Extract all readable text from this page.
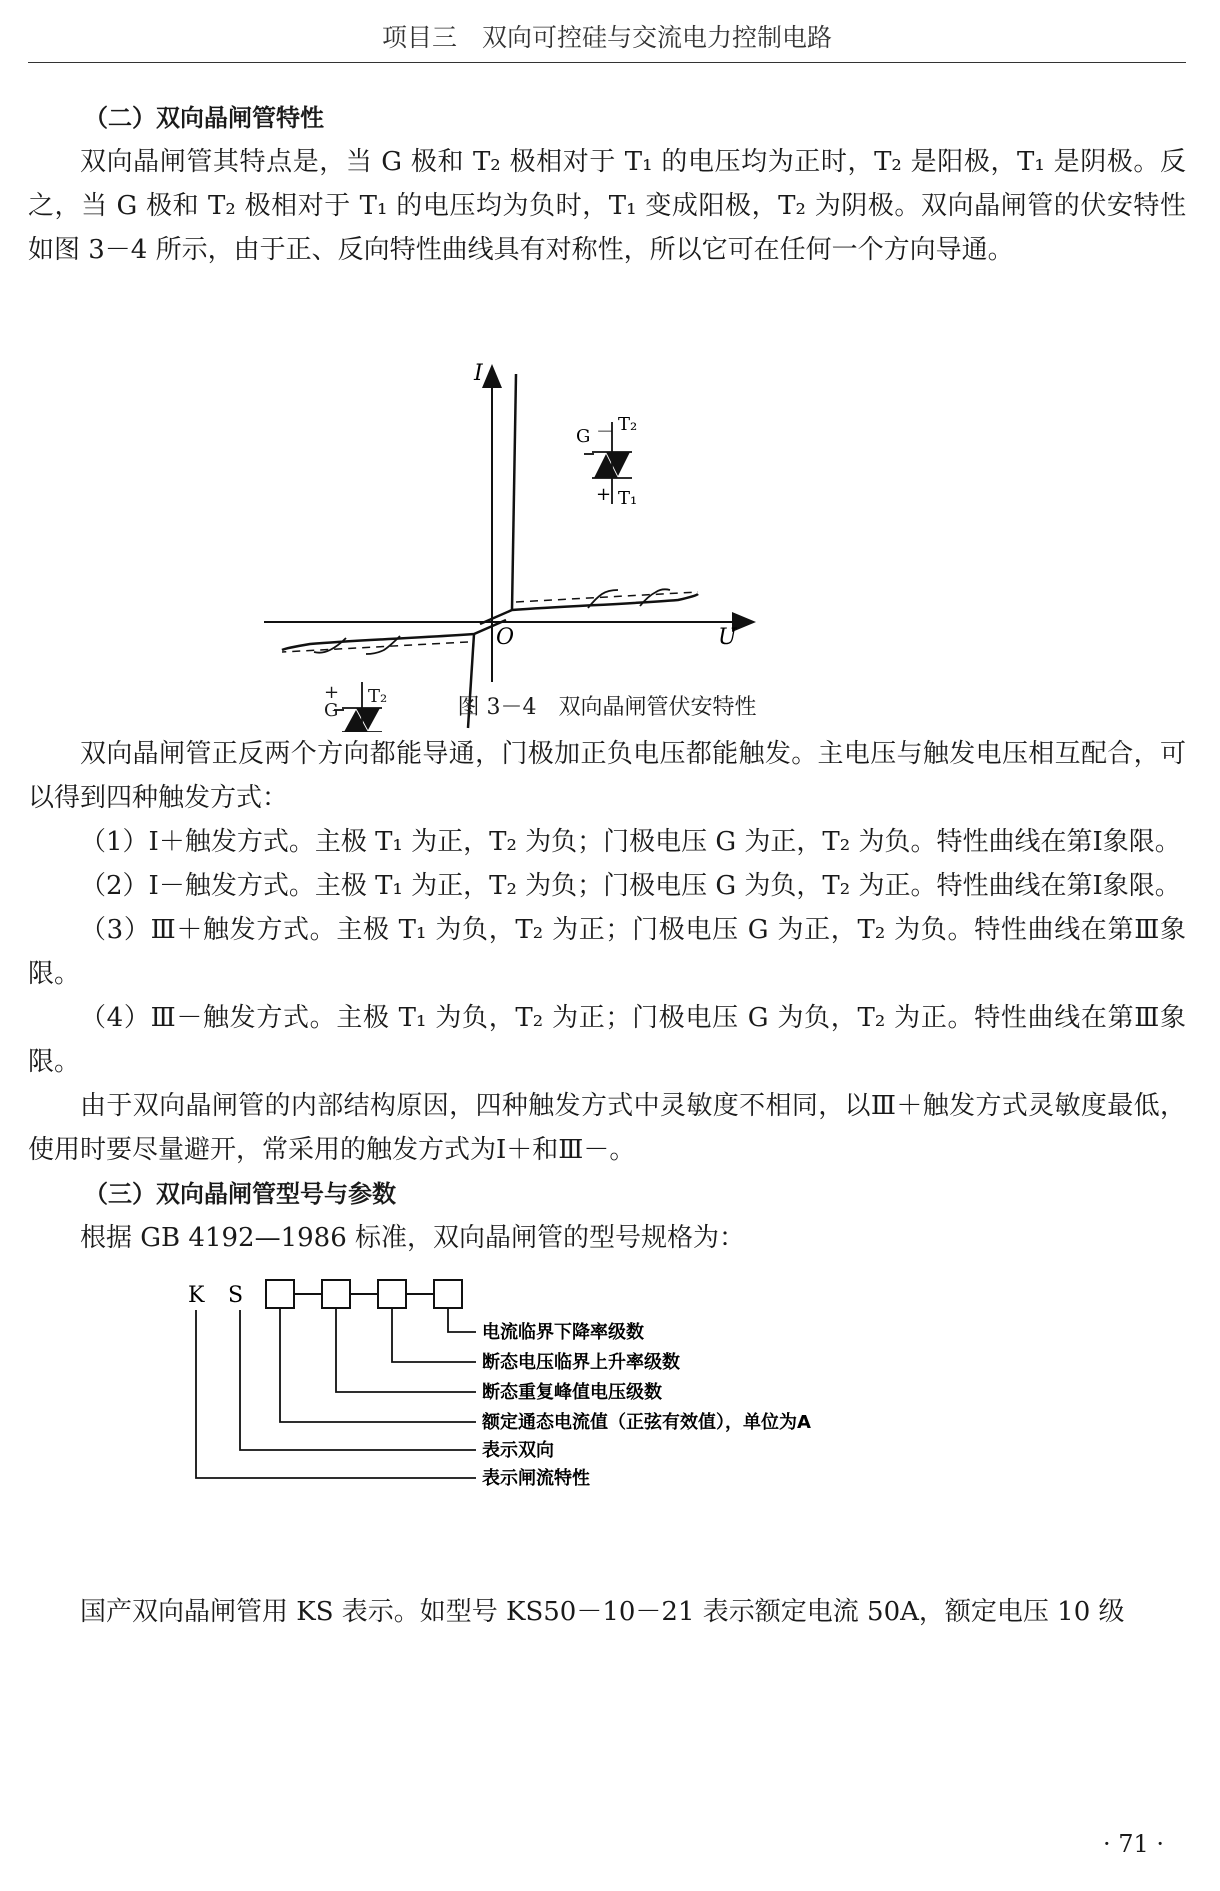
项目三　双向可控硅与交流电力控制电路

（二）双向晶闸管特性

双向晶闸管其特点是，当 G 极和 T₂ 极相对于 T₁ 的电压均为正时，T₂ 是阳极，T₁ 是阴极。反之，当 G 极和 T₂ 极相对于 T₁ 的电压均为负时，T₁ 变成阳极，T₂ 为阴极。双向晶闸管的伏安特性如图 3－4 所示，由于正、反向特性曲线具有对称性，所以它可在任何一个方向导通。

I
U
O
G － T₂
+ T₁
+
G
T₂	图 3－4　双向晶闸管伏安特性

双向晶闸管正反两个方向都能导通，门极加正负电压都能触发。主电压与触发电压相互配合，可以得到四种触发方式：

（1）Ⅰ＋触发方式。主极 T₁ 为正，T₂ 为负；门极电压 G 为正，T₂ 为负。特性曲线在第Ⅰ象限。

（2）Ⅰ－触发方式。主极 T₁ 为正，T₂ 为负；门极电压 G 为负，T₂ 为正。特性曲线在第Ⅰ象限。

（3）Ⅲ＋触发方式。主极 T₁ 为负，T₂ 为正；门极电压 G 为正，T₂ 为负。特性曲线在第Ⅲ象限。

（4）Ⅲ－触发方式。主极 T₁ 为负，T₂ 为正；门极电压 G 为负，T₂ 为正。特性曲线在第Ⅲ象限。

由于双向晶闸管的内部结构原因，四种触发方式中灵敏度不相同，以Ⅲ＋触发方式灵敏度最低，使用时要尽量避开，常采用的触发方式为Ⅰ＋和Ⅲ－。

（三）双向晶闸管型号与参数

根据 GB 4192—1986 标准，双向晶闸管的型号规格为：

K S
电流临界下降率级数
断态电压临界上升率级数
断态重复峰值电压级数
额定通态电流值（正弦有效值），单位为A
表示双向
表示闸流特性

国产双向晶闸管用 KS 表示。如型号 KS50－10－21 表示额定电流 50A，额定电压 10 级

· 71 ·
